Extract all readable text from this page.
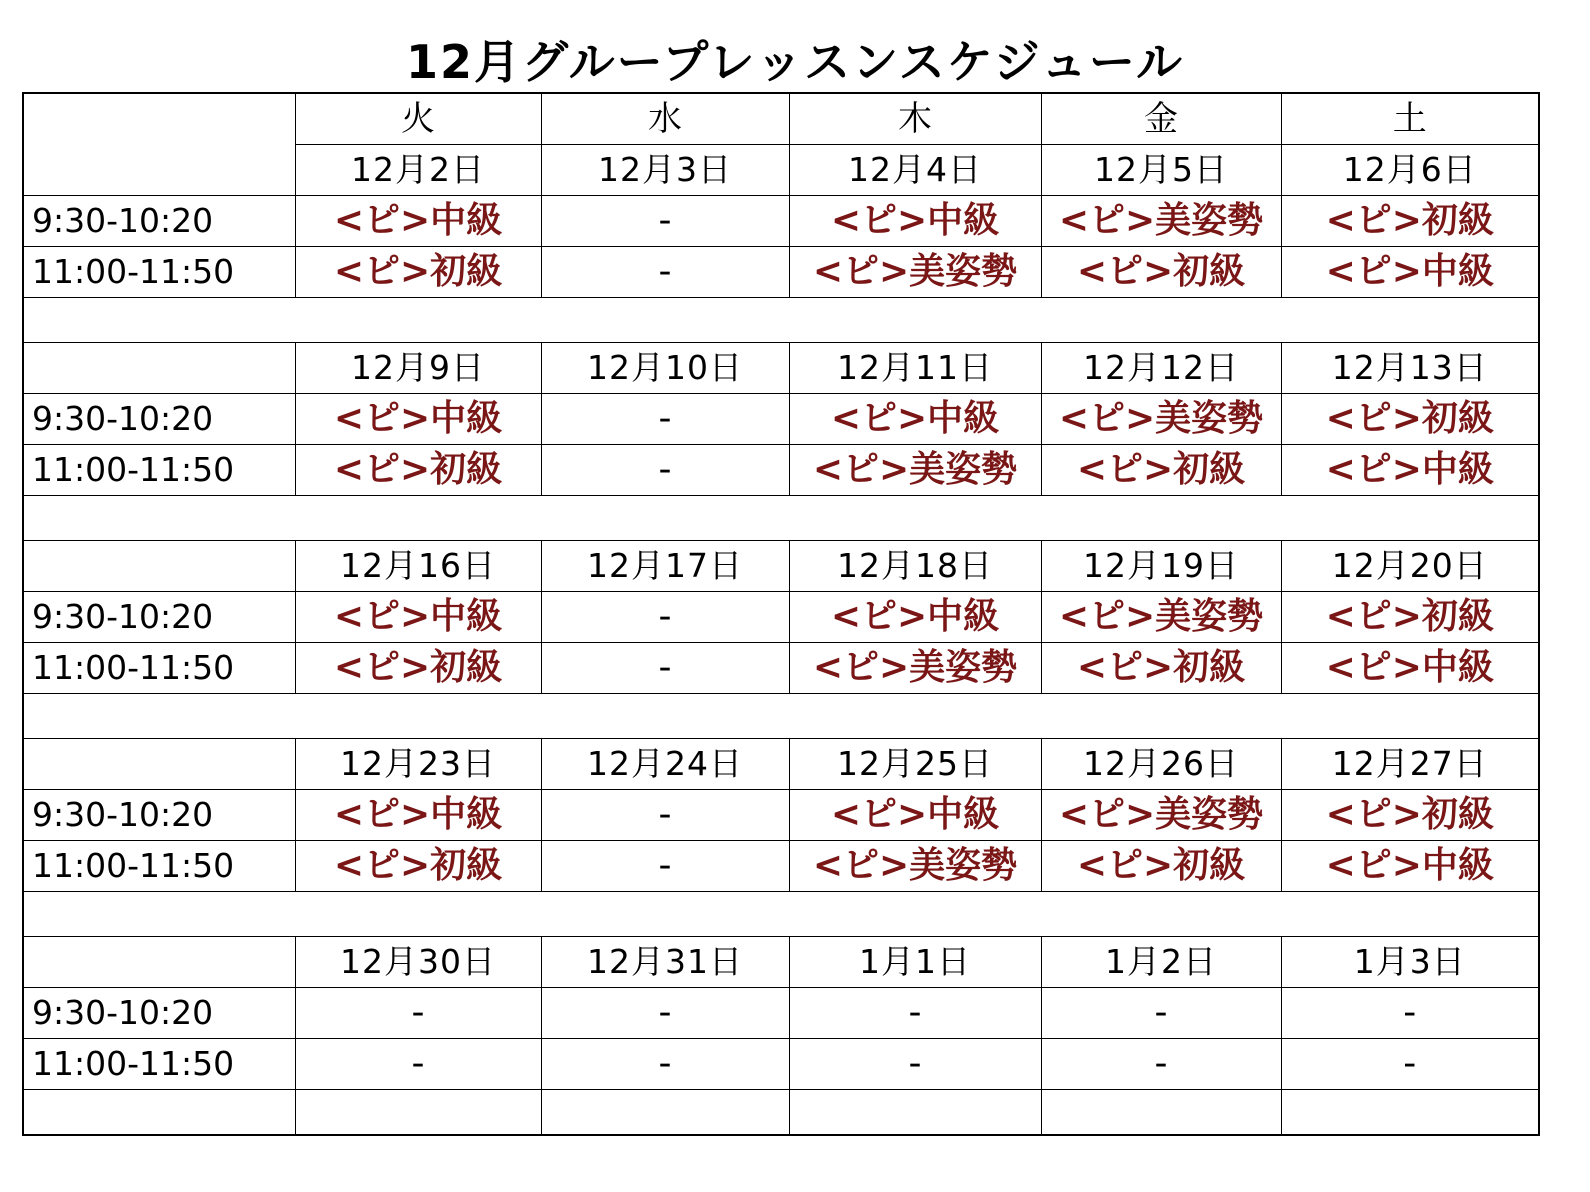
12月グループレッスンスケジュール
	火	水	木	金	土
	12月2日	12月3日	12月4日	12月5日	12月6日
9:30-10:20	<ピ>中級	-	<ピ>中級	<ピ>美姿勢	<ピ>初級
11:00-11:50	<ピ>初級	-	<ピ>美姿勢	<ピ>初級	<ピ>中級

	12月9日	12月10日	12月11日	12月12日	12月13日
9:30-10:20	<ピ>中級	-	<ピ>中級	<ピ>美姿勢	<ピ>初級
11:00-11:50	<ピ>初級	-	<ピ>美姿勢	<ピ>初級	<ピ>中級

	12月16日	12月17日	12月18日	12月19日	12月20日
9:30-10:20	<ピ>中級	-	<ピ>中級	<ピ>美姿勢	<ピ>初級
11:00-11:50	<ピ>初級	-	<ピ>美姿勢	<ピ>初級	<ピ>中級

	12月23日	12月24日	12月25日	12月26日	12月27日
9:30-10:20	<ピ>中級	-	<ピ>中級	<ピ>美姿勢	<ピ>初級
11:00-11:50	<ピ>初級	-	<ピ>美姿勢	<ピ>初級	<ピ>中級

	12月30日	12月31日	1月1日	1月2日	1月3日
9:30-10:20	-	-	-	-	-
11:00-11:50	-	-	-	-	-
